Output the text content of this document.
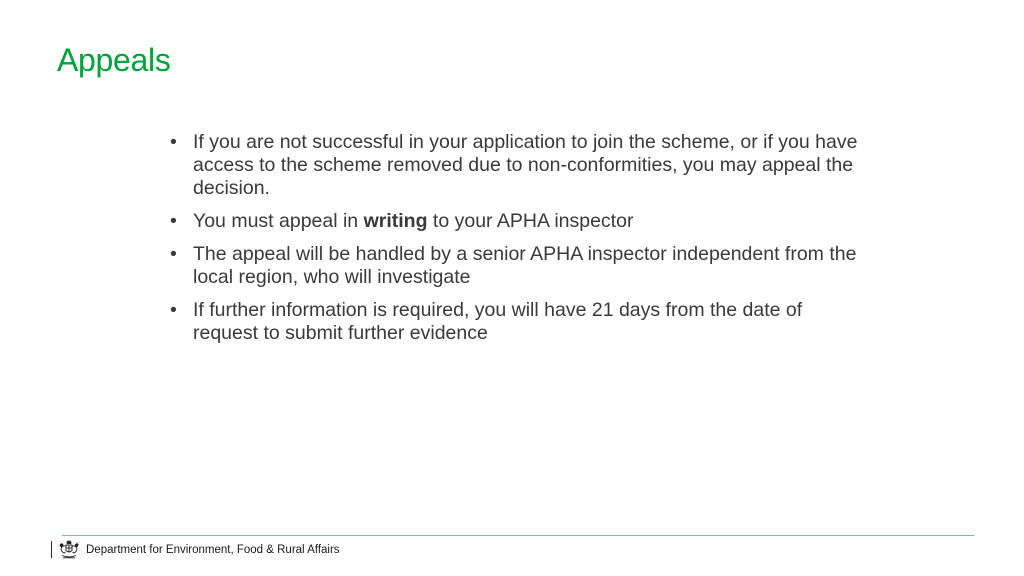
Appeals
• If you are not successful in your application to join the scheme, or if you have access to the scheme removed due to non-conformities, you may appeal the decision.
• You must appeal in writing to your APHA inspector
• The appeal will be handled by a senior APHA inspector independent from the local region, who will investigate
• If further information is required, you will have 21 days from the date of request to submit further evidence
Department for Environment, Food & Rural Affairs
